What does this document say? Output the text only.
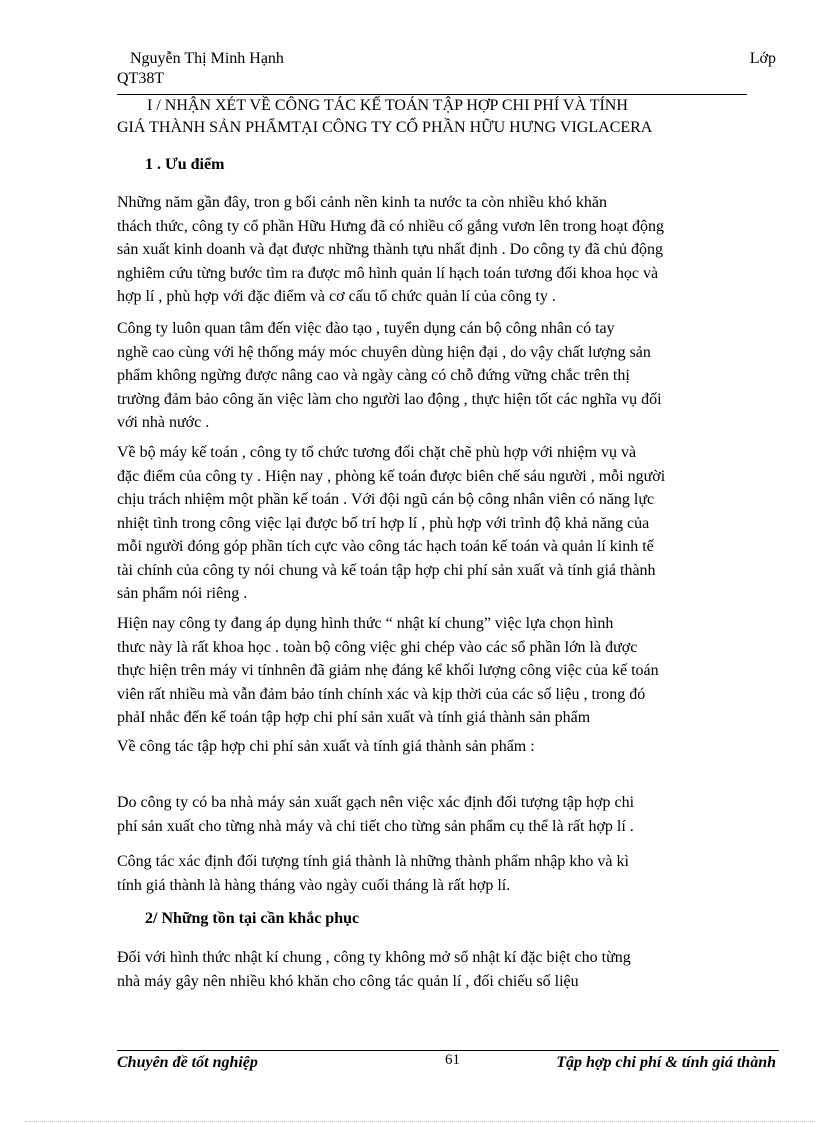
Nguyễn Thị Minh Hạnh	Lớp
QT38T
I / NHẬN XÉT VỀ CÔNG TÁC KẾ TOÁN TẬP HỢP CHI PHÍ VÀ TÍNH
GIÁ THÀNH SẢN PHẨMTẠI CÔNG TY CỔ PHẦN HỮU HƯNG VIGLACERA
1 . Ưu điểm
Những năm gần đây, tron g bối cảnh nền kinh ta nước ta còn nhiều khó khăn
thách thức, công ty cổ phần Hữu Hưng đã có nhiều cố gắng vươn lên trong hoạt động
sản xuất kinh doanh và đạt được những thành tựu nhất định . Do công ty đã chủ động
nghiêm cứu từng bước tìm ra được mô hình quản lí hạch toán tương đối khoa học và
hợp lí , phù hợp với đặc điểm và cơ cấu tổ chức quản lí của công ty .
Công ty luôn quan tâm đến việc đào tạo , tuyển dụng cán bộ công nhân có tay
nghề cao cùng với hệ thống máy móc chuyên dùng hiện đại , do vậy chất lượng sản
phẩm không ngừng được nâng cao và ngày càng có chỗ đứng vững chắc trên thị
trường đảm bảo công ăn việc làm cho người lao động , thực hiện tốt các nghĩa vụ đối
với nhà nước .
Về bộ máy kế toán , công ty tổ chức tương đối chặt chẽ phù hợp với nhiệm vụ và
đặc điểm của công ty . Hiện nay , phòng kế toán được biên chế sáu người , mỗi người
chịu trách nhiệm một phần kế toán . Với đội ngũ cán bộ công nhân viên có năng lực
nhiệt tình trong công việc lại được bố trí hợp lí , phù hợp với trình độ khả năng của
mỗi người đóng góp phần tích cực vào công tác hạch toán kế toán và quản lí kinh tế
tài chính của công ty nói chung và kế toán tập hợp chi phí sản xuất và tính giá thành
sản phẩm nói riêng .
Hiện nay công ty đang áp dụng hình thức “ nhật kí chung” việc lựa chọn hình
thưc này là rất khoa học . toàn bộ công việc ghi chép vào các sổ phần lớn là được
thực hiện trên máy vi tínhnên đã giảm nhẹ đáng kể khối lượng công việc của kế toán
viên rất nhiều mà vẫn đảm bảo tính chính xác và kịp thời của các số liệu , trong đó
phảI nhắc đến kế toán tập hợp chi phí sản xuất và tính giá thành sản phẩm
Về công tác tập hợp chi phí sản xuất và tính giá thành sản phẩm :
Do công ty có ba nhà máy sản xuất gạch nên việc xác định đối tượng tập hợp chi
phí sản xuất cho từng nhà máy và chi tiết cho từng sản phẩm cụ thể là rất hợp lí .
Công tác xác định đối tượng tính giá thành là những thành phẩm nhập kho và kì
tính giá thành là hàng tháng vào ngày cuối tháng là rất hợp lí.
2/ Những tồn tại cần khắc phục
Đối với hình thức nhật kí chung , công ty không mở sổ nhật kí đặc biệt cho từng
nhà máy gây nên nhiều khó khăn cho công tác quản lí , đối chiếu số liệu
Chuyên đề tốt nghiệp	61	Tập hợp chi phí & tính giá thành
